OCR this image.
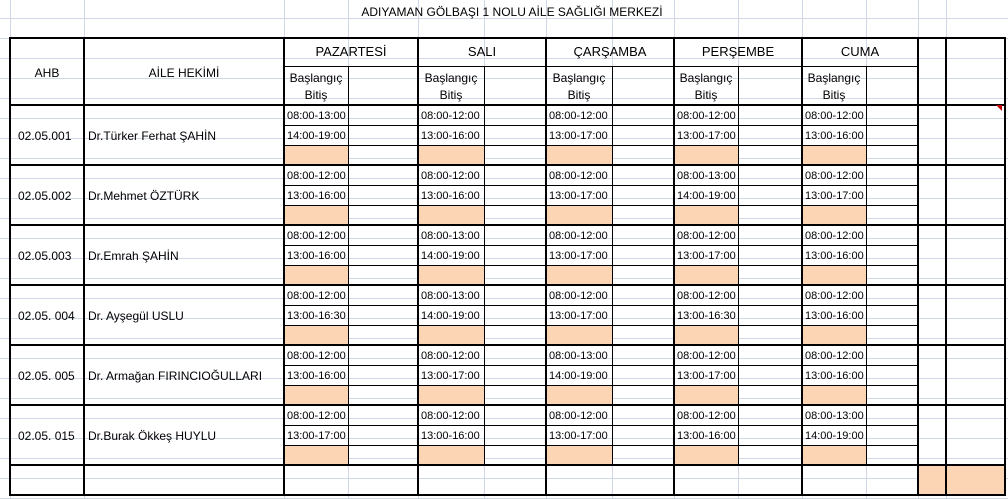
ADIYAMAN GÖLBAŞI 1 NOLU AİLE SAĞLIĞI MERKEZİ
AHB	AİLE HEKİMİ
PAZARTESİ
Başlangıç
Bitiş
SALI
Başlangıç
Bitiş
ÇARŞAMBA
Başlangıç
Bitiş
PERŞEMBE
Başlangıç
Bitiş
CUMA
Başlangıç
Bitiş
02.05.001 Dr.Türker Ferhat ŞAHİN
08:00-13:00
14:00-19:00
08:00-12:00
13:00-16:00
08:00-12:00
13:00-17:00
08:00-12:00
13:00-17:00
08:00-12:00
13:00-16:00
02.05.002 Dr.Mehmet ÖZTÜRK
08:00-12:00
13:00-16:00
08:00-12:00
13:00-16:00
08:00-12:00
13:00-17:00
08:00-13:00
14:00-19:00
08:00-12:00
13:00-17:00
02.05.003 Dr.Emrah ŞAHİN
08:00-12:00
13:00-16:00
08:00-13:00
14:00-19:00
08:00-12:00
13:00-17:00
08:00-12:00
13:00-17:00
08:00-12:00
13:00-16:00
02.05. 004 Dr. Ayşegül USLU
08:00-12:00
13:00-16:30
08:00-13:00
14:00-19:00
08:00-12:00
13:00-17:00
08:00-12:00
13:00-16:30
08:00-12:00
13:00-16:00
02.05. 005 Dr. Armağan FIRINCIOĞULLARI
08:00-12:00
13:00-16:00
08:00-12:00
13:00-17:00
08:00-13:00
14:00-19:00
08:00-12:00
13:00-17:00
08:00-12:00
13:00-16:00
02.05. 015 Dr.Burak Ökkeş HUYLU
08:00-12:00
13:00-17:00
08:00-12:00
13:00-16:00
08:00-12:00
13:00-17:00
08:00-12:00
13:00-16:00
08:00-13:00
14:00-19:00
